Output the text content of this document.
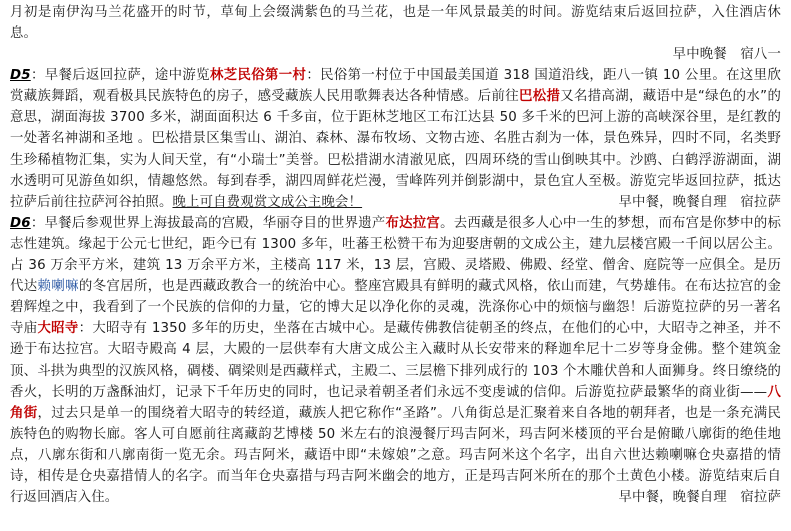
月初是南伊沟马兰花盛开的时节，草甸上会缀满紫色的马兰花，也是一年风景最美的时间。游览结束后返回拉萨，入住酒店休息。

早中晚餐　宿八一

D5：早餐后返回拉萨，途中游览林芝民俗第一村：民俗第一村位于中国最美国道 318 国道沿线，距八一镇 10 公里。在这里欣赏藏族舞蹈，观看极具民族特色的房子，感受藏族人民用歌舞表达各种情感。后前往巴松措又名措高湖，藏语中是“绿色的水”的意思，湖面海拔 3700 多米，湖面面积达 6 千多亩，位于距林芝地区工布江达县 50 多千米的巴河上游的高峡深谷里，是红教的一处著名神湖和圣地 。巴松措景区集雪山、湖泊、森林、瀑布牧场、文物古迹、名胜古刹为一体，景色殊异，四时不同，名类野生珍稀植物汇集，实为人间天堂，有“小瑞士”美誉。巴松措湖水清澈见底，四周环绕的雪山倒映其中。沙鸥、白鹤浮游湖面，湖水透明可见游鱼如织，情趣悠然。每到春季，湖四周鲜花烂漫，雪峰阵列并倒影湖中，景色宜人至极。游览完毕返回拉萨，抵达拉萨后前往拉萨河谷拍照。晚上可自费观赏文成公主晚会！	早中餐，晚餐自理　宿拉萨

D6：早餐后参观世界上海拔最高的宫殿，华丽夺目的世界遗产布达拉宫。去西藏是很多人心中一生的梦想，而布宫是你梦中的标志性建筑。缘起于公元七世纪，距今已有 1300 多年，吐蕃王松赞干布为迎娶唐朝的文成公主，建九层楼宫殿一千间以居公主。占 36 万余平方米，建筑 13 万余平方米，主楼高 117 米，13 层，宫殿、灵塔殿、佛殿、经堂、僧舍、庭院等一应俱全。是历代达赖喇嘛的冬宫居所，也是西藏政教合一的统治中心。整座宫殿具有鲜明的藏式风格，依山而建，气势雄伟。在布达拉宫的金碧辉煌之中，我看到了一个民族的信仰的力量，它的博大足以净化你的灵魂，洗涤你心中的烦恼与幽怨！后游览拉萨的另一著名寺庙大昭寺：大昭寺有 1350 多年的历史，坐落在古城中心。是藏传佛教信徒朝圣的终点，在他们的心中，大昭寺之神圣，并不逊于布达拉宫。大昭寺殿高 4 层，大殿的一层供奉有大唐文成公主入藏时从长安带来的释迦牟尼十二岁等身金佛。整个建筑金顶、斗拱为典型的汉族风格，碉楼、碉梁则是西藏样式，主殿二、三层檐下排列成行的 103 个木雕伏兽和人面狮身。终日缭绕的香火，长明的万盏酥油灯，记录下千年历史的同时，也记录着朝圣者们永远不变虔诚的信仰。后游览拉萨最繁华的商业街——八角街，过去只是单一的围绕着大昭寺的转经道，藏族人把它称作“圣路”。八角街总是汇聚着来自各地的朝拜者，也是一条充满民族特色的购物长廊。客人可自愿前往离藏韵艺博楼 50 米左右的浪漫餐厅玛吉阿米，玛吉阿米楼顶的平台是俯瞰八廓街的绝佳地点，八廓东街和八廓南街一览无余。玛吉阿米，藏语中即“未嫁娘”之意。玛吉阿米这个名字，出自六世达赖喇嘛仓央嘉措的情诗，相传是仓央嘉措情人的名字。而当年仓央嘉措与玛吉阿米幽会的地方，正是玛吉阿米所在的那个土黄色小楼。游览结束后自行返回酒店入住。	早中餐，晚餐自理　宿拉萨
